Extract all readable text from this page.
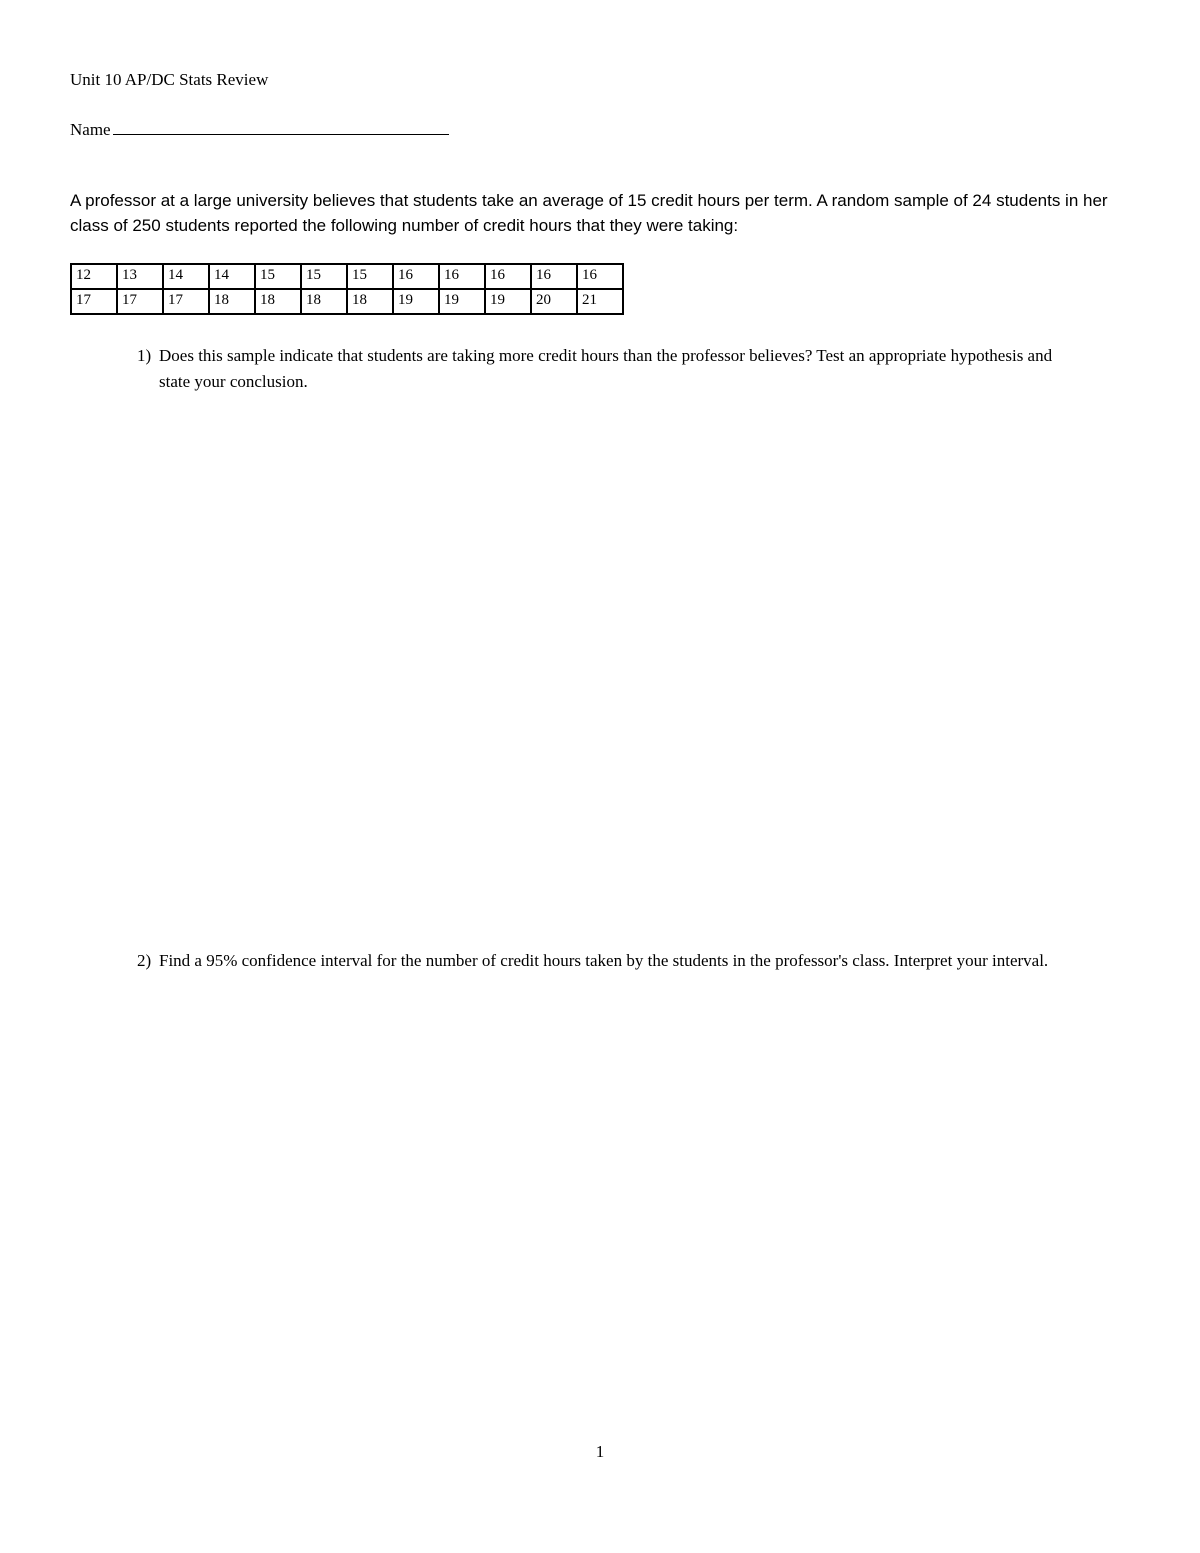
Unit 10 AP/DC Stats Review
Name
A professor at a large university believes that students take an average of 15 credit hours per term. A random sample of 24 students in her class of 250 students reported the following number of credit hours that they were taking:
12	13	14	14	15	15	15	16	16	16	16	16
17	17	17	18	18	18	18	19	19	19	20	21
1) Does this sample indicate that students are taking more credit hours than the professor believes? Test an appropriate hypothesis and state your conclusion.
2) Find a 95% confidence interval for the number of credit hours taken by the students in the professor's class. Interpret your interval.
1
